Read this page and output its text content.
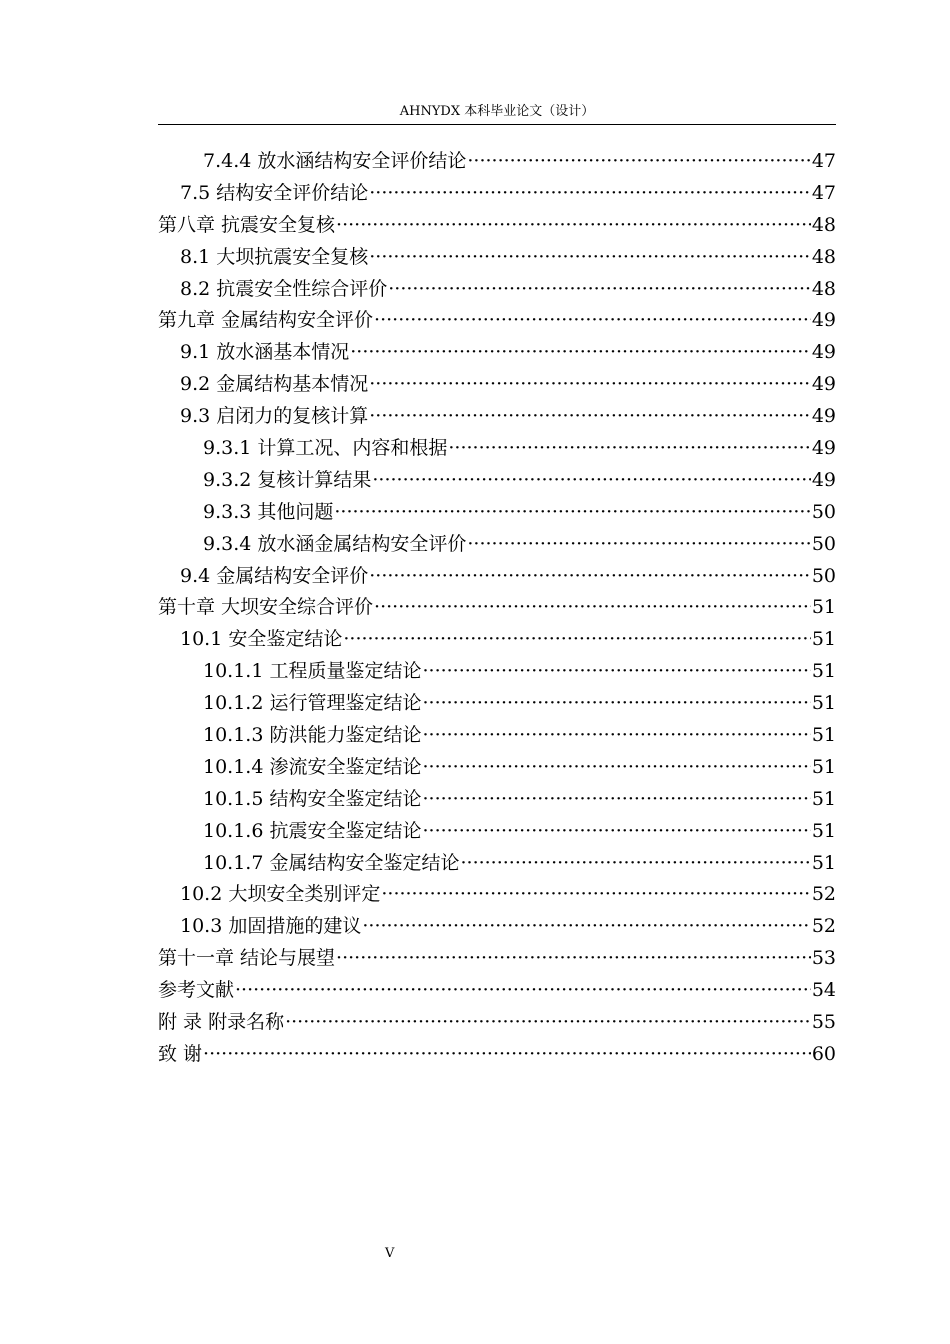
AHNYDX 本科毕业论文（设计）
7.4.4 放水涵结构安全评价结论 ·····	47
7.5 结构安全评价结论 ·····	47
第八章 抗震安全复核 ·····	48
8.1 大坝抗震安全复核 ·····	48
8.2 抗震安全性综合评价 ·····	48
第九章 金属结构安全评价 ·····	49
9.1 放水涵基本情况 ·····	49
9.2 金属结构基本情况 ·····	49
9.3 启闭力的复核计算 ·····	49
9.3.1 计算工况、内容和根据 ·····	49
9.3.2 复核计算结果 ·····	49
9.3.3 其他问题 ·····	50
9.3.4 放水涵金属结构安全评价 ·····	50
9.4 金属结构安全评价 ·····	50
第十章 大坝安全综合评价 ·····	51
10.1 安全鉴定结论 ·····	51
10.1.1 工程质量鉴定结论 ·····	51
10.1.2 运行管理鉴定结论 ·····	51
10.1.3 防洪能力鉴定结论 ·····	51
10.1.4 渗流安全鉴定结论 ·····	51
10.1.5 结构安全鉴定结论 ·····	51
10.1.6 抗震安全鉴定结论 ·····	51
10.1.7 金属结构安全鉴定结论 ·····	51
10.2 大坝安全类别评定 ·····	52
10.3 加固措施的建议 ·····	52
第十一章 结论与展望 ·····	53
参考文献 ·····	54
附 录 附录名称 ·····	55
致 谢 ·····	60
V
